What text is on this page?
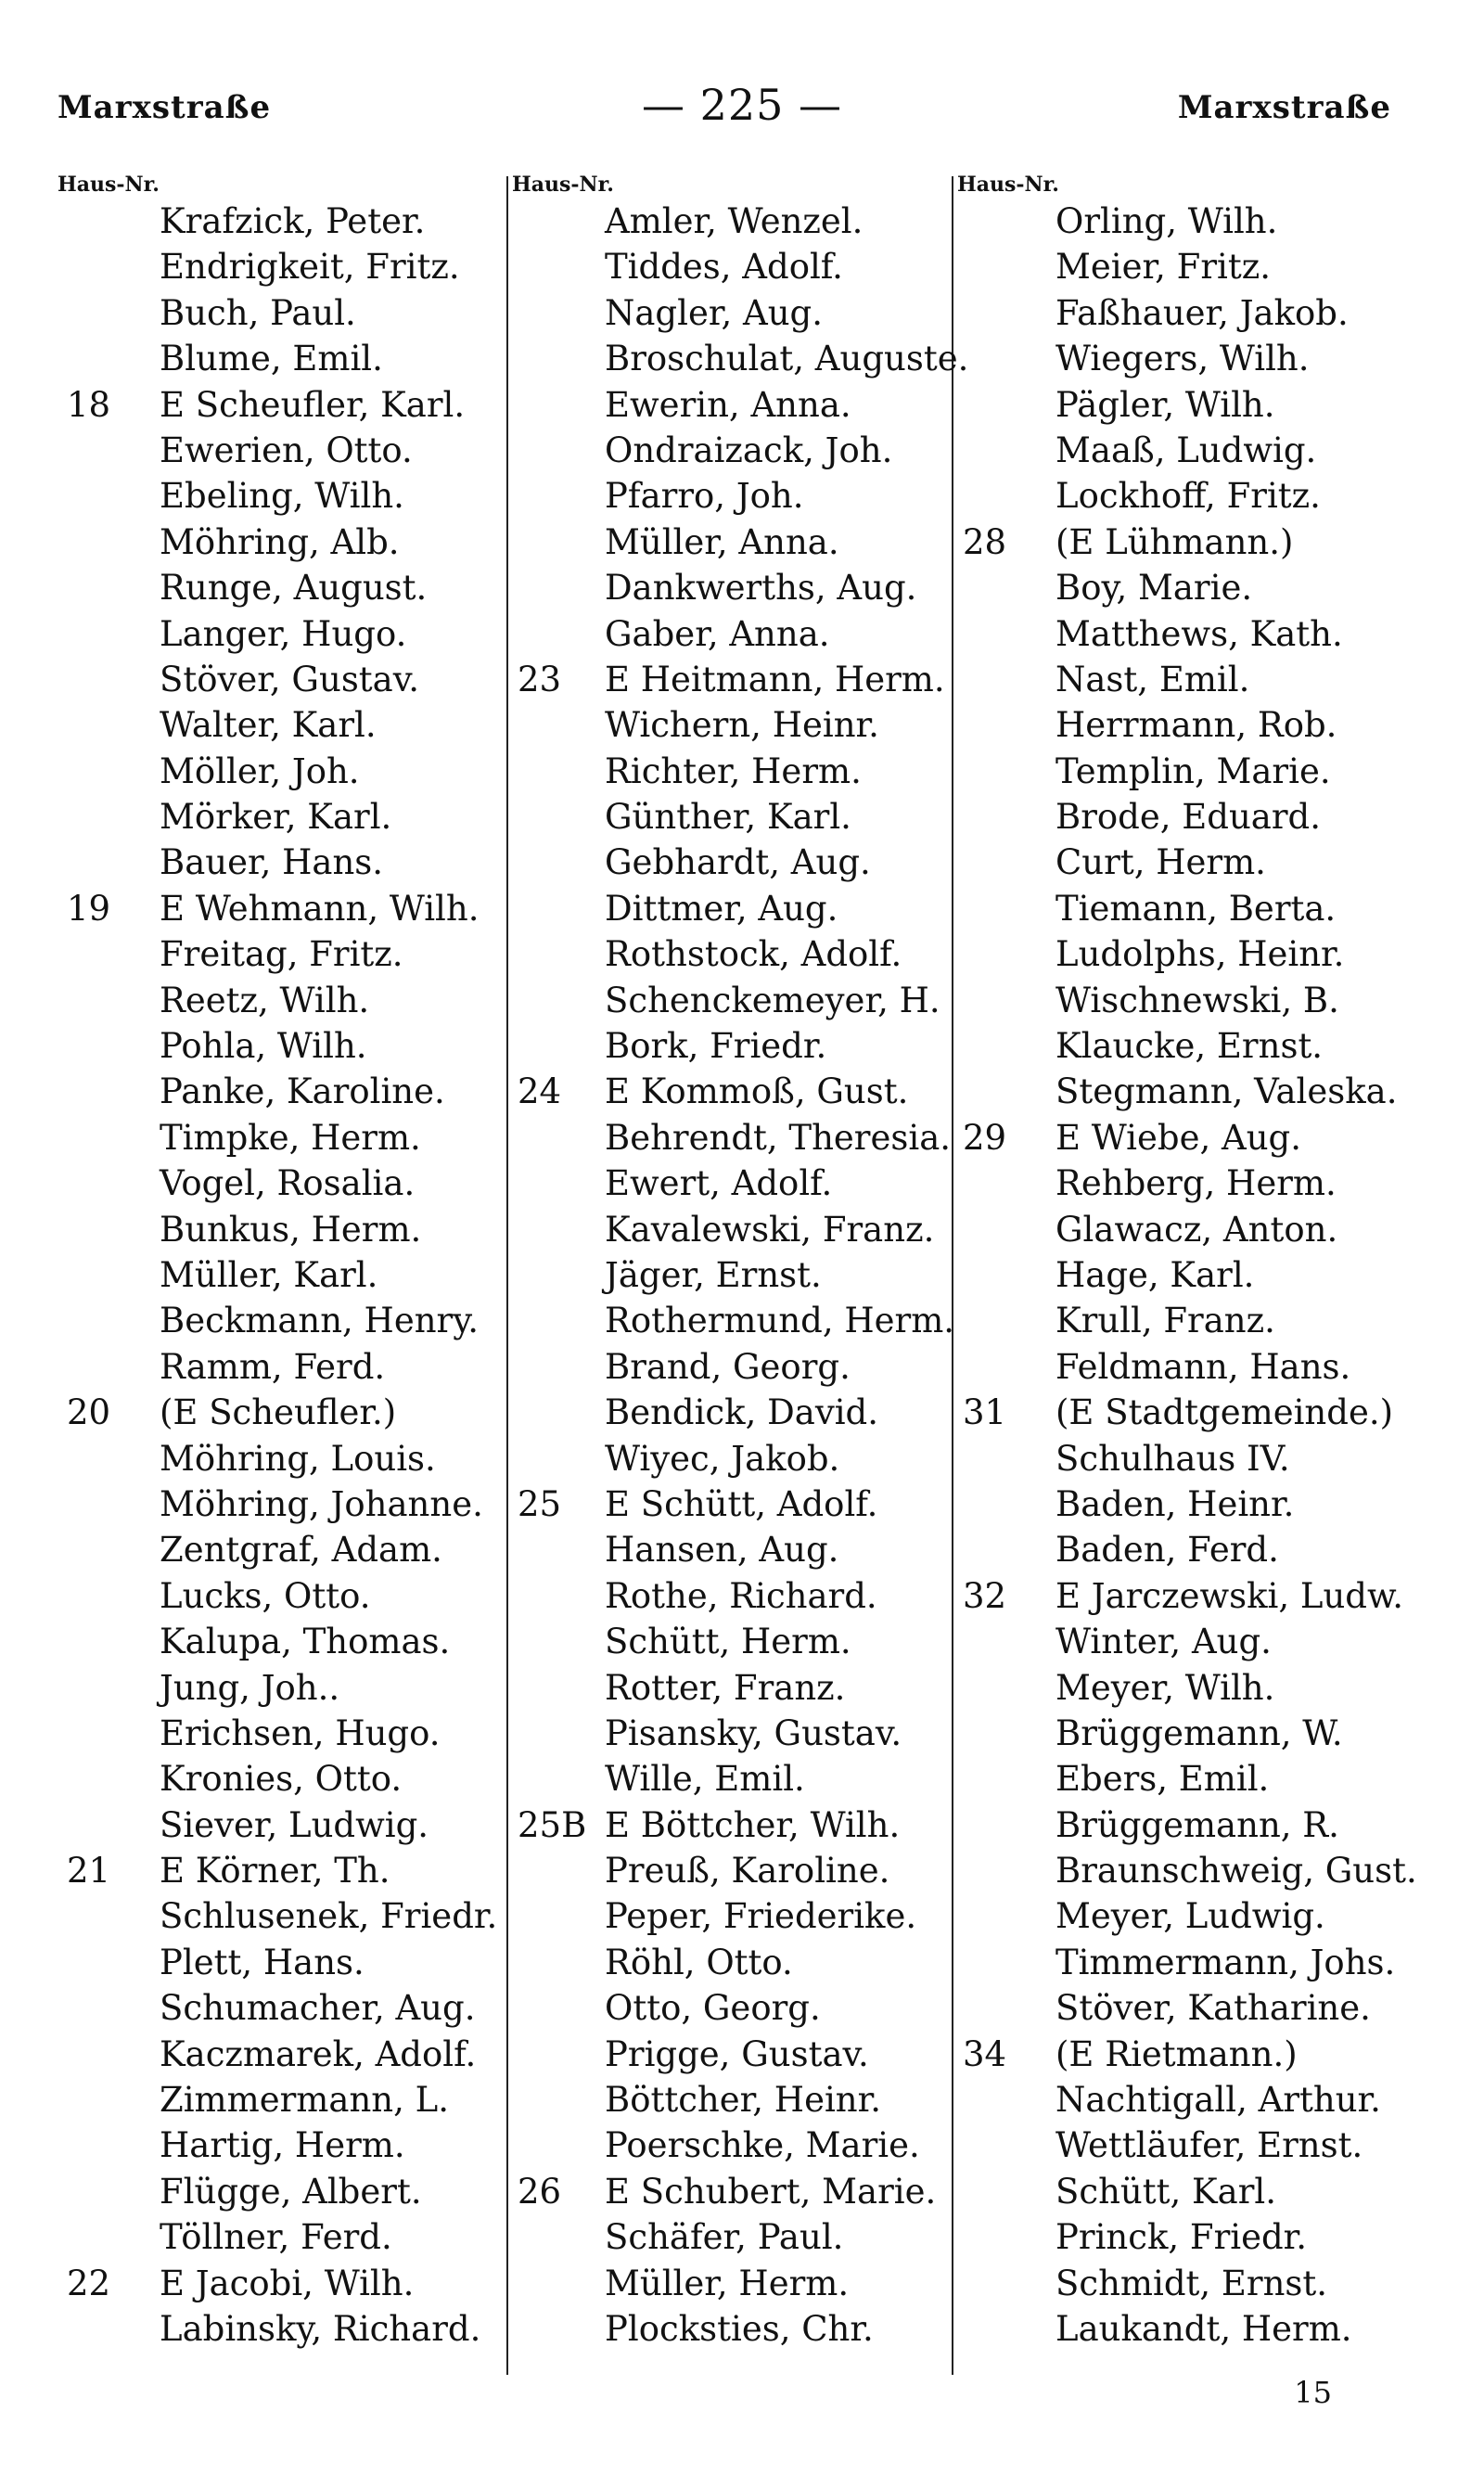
Marxstraße	— 225 —	Marxstraße
Haus-Nr.
Krafzick, Peter.
Endrigkeit, Fritz.
Buch, Paul.
Blume, Emil.
18	E Scheufler, Karl.
Ewerien, Otto.
Ebeling, Wilh.
Möhring, Alb.
Runge, August.
Langer, Hugo.
Stöver, Gustav.
Walter, Karl.
Möller, Joh.
Mörker, Karl.
Bauer, Hans.
19	E Wehmann, Wilh.
Freitag, Fritz.
Reetz, Wilh.
Pohla, Wilh.
Panke, Karoline.
Timpke, Herm.
Vogel, Rosalia.
Bunkus, Herm.
Müller, Karl.
Beckmann, Henry.
Ramm, Ferd.
20	(E Scheufler.)
Möhring, Louis.
Möhring, Johanne.
Zentgraf, Adam.
Lucks, Otto.
Kalupa, Thomas.
Jung, Joh..
Erichsen, Hugo.
Kronies, Otto.
Siever, Ludwig.
21	E Körner, Th.
Schlusenek, Friedr.
Plett, Hans.
Schumacher, Aug.
Kaczmarek, Adolf.
Zimmermann, L.
Hartig, Herm.
Flügge, Albert.
Töllner, Ferd.
22	E Jacobi, Wilh.
Labinsky, Richard.
Haus-Nr.
Amler, Wenzel.
Tiddes, Adolf.
Nagler, Aug.
Broschulat, Auguste.
Ewerin, Anna.
Ondraizack, Joh.
Pfarro, Joh.
Müller, Anna.
Dankwerths, Aug.
Gaber, Anna.
23	E Heitmann, Herm.
Wichern, Heinr.
Richter, Herm.
Günther, Karl.
Gebhardt, Aug.
Dittmer, Aug.
Rothstock, Adolf.
Schenckemeyer, H.
Bork, Friedr.
24	E Kommoß, Gust.
Behrendt, Theresia.
Ewert, Adolf.
Kavalewski, Franz.
Jäger, Ernst.
Rothermund, Herm.
Brand, Georg.
Bendick, David.
Wiyec, Jakob.
25	E Schütt, Adolf.
Hansen, Aug.
Rothe, Richard.
Schütt, Herm.
Rotter, Franz.
Pisansky, Gustav.
Wille, Emil.
25B E Böttcher, Wilh.
Preuß, Karoline.
Peper, Friederike.
Röhl, Otto.
Otto, Georg.
Prigge, Gustav.
Böttcher, Heinr.
Poerschke, Marie.
26	E Schubert, Marie.
Schäfer, Paul.
Müller, Herm.
Plocksties, Chr.
Haus-Nr.
Orling, Wilh.
Meier, Fritz.
Faßhauer, Jakob.
Wiegers, Wilh.
Pägler, Wilh.
Maaß, Ludwig.
Lockhoff, Fritz.
28	(E Lühmann.)
Boy, Marie.
Matthews, Kath.
Nast, Emil.
Herrmann, Rob.
Templin, Marie.
Brode, Eduard.
Curt, Herm.
Tiemann, Berta.
Ludolphs, Heinr.
Wischnewski, B.
Klaucke, Ernst.
Stegmann, Valeska.
29	E Wiebe, Aug.
Rehberg, Herm.
Glawacz, Anton.
Hage, Karl.
Krull, Franz.
Feldmann, Hans.
31	(E Stadtgemeinde.)
Schulhaus IV.
Baden, Heinr.
Baden, Ferd.
32	E Jarczewski, Ludw.
Winter, Aug.
Meyer, Wilh.
Brüggemann, W.
Ebers, Emil.
Brüggemann, R.
Braunschweig, Gust.
Meyer, Ludwig.
Timmermann, Johs.
Stöver, Katharine.
34	(E Rietmann.)
Nachtigall, Arthur.
Wettläufer, Ernst.
Schütt, Karl.
Princk, Friedr.
Schmidt, Ernst.
Laukandt, Herm.
15
